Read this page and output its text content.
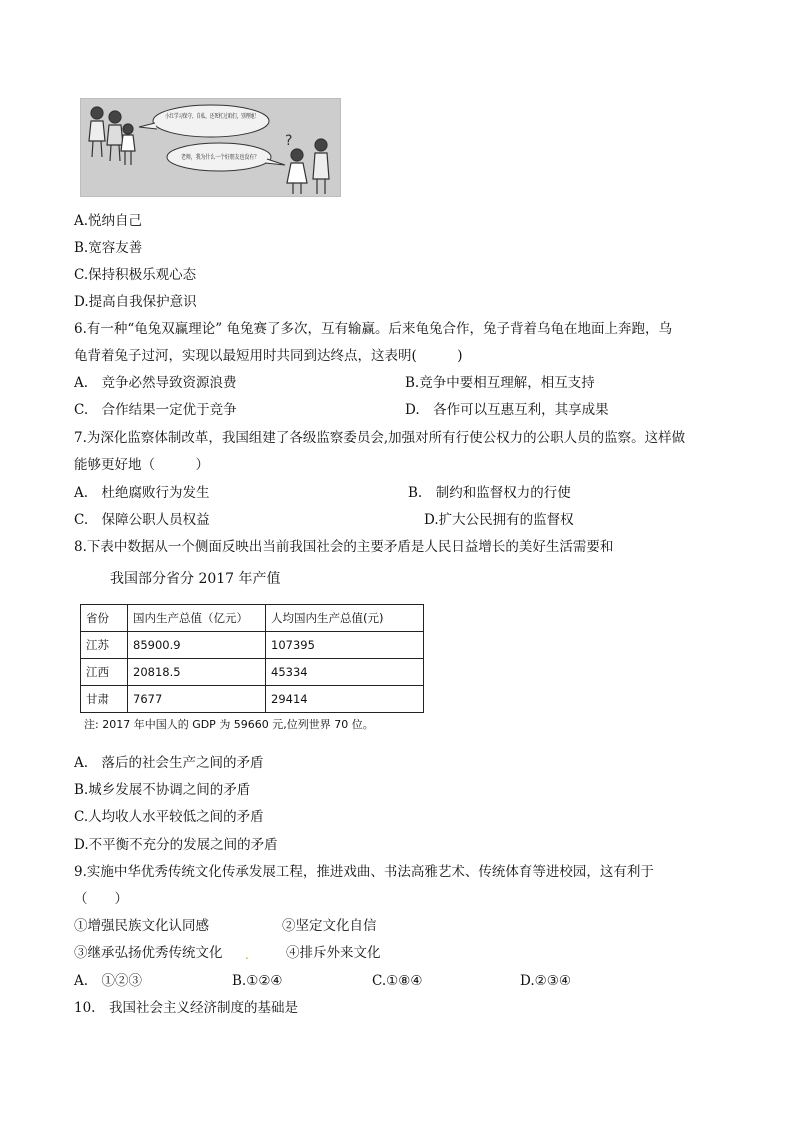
小红学习保守、自私，还死杠过咱们，别理她！
老师，我为什么一个好朋友也没有？
?
A.悦纳自己
B.宽容友善
C.保持积极乐观心态
D.提高自我保护意识
6.有一种“龟兔双赢理论” 龟兔赛了多次，互有输赢。后来龟兔合作，兔子背着乌龟在地面上奔跑，乌
龟背着兔子过河，实现以最短用时共同到达终点，这表明(　　　)
A.　竞争必然导致资源浪费	B.竞争中要相互理解，相互支持
C.　合作结果一定优于竞争	D.　各作可以互惠互利，其享成果
7.为深化监察体制改革，我国组建了各级监察委员会,加强对所有行使公权力的公职人员的监察。这样做
能够更好地（　　　）
A.　杜绝腐败行为发生	B.　制约和监督权力的行使
C.　保障公职人员权益	D.扩大公民拥有的监督权
8.下表中数据从一个侧面反映出当前我国社会的主要矛盾是人民日益增长的美好生活需要和
我国部分省分 2017 年产值
省份	国内生产总值（亿元）	人均国内生产总值(元)
江苏	85900.9	107395
江西	20818.5	45334
甘肃	7677	29414
注: 2017 年中国人的 GDP 为 59660 元,位列世界 70 位。
A.　落后的社会生产之间的矛盾
B.城乡发展不协调之间的矛盾
C.人均收人水平较低之间的矛盾
D.不平衡不充分的发展之间的矛盾
9.实施中华优秀传统文化传承发展工程，推进戏曲、书法高雅艺术、传统体育等进校园，这有利于
（　　）
①增强民族文化认同感	②坚定文化自信
③继承弘扬优秀传统文化 .	④排斥外来文化
A.　①②③	B.①②④	C.①⑧④	D.②③④
10.　我国社会主义经济制度的基础是
